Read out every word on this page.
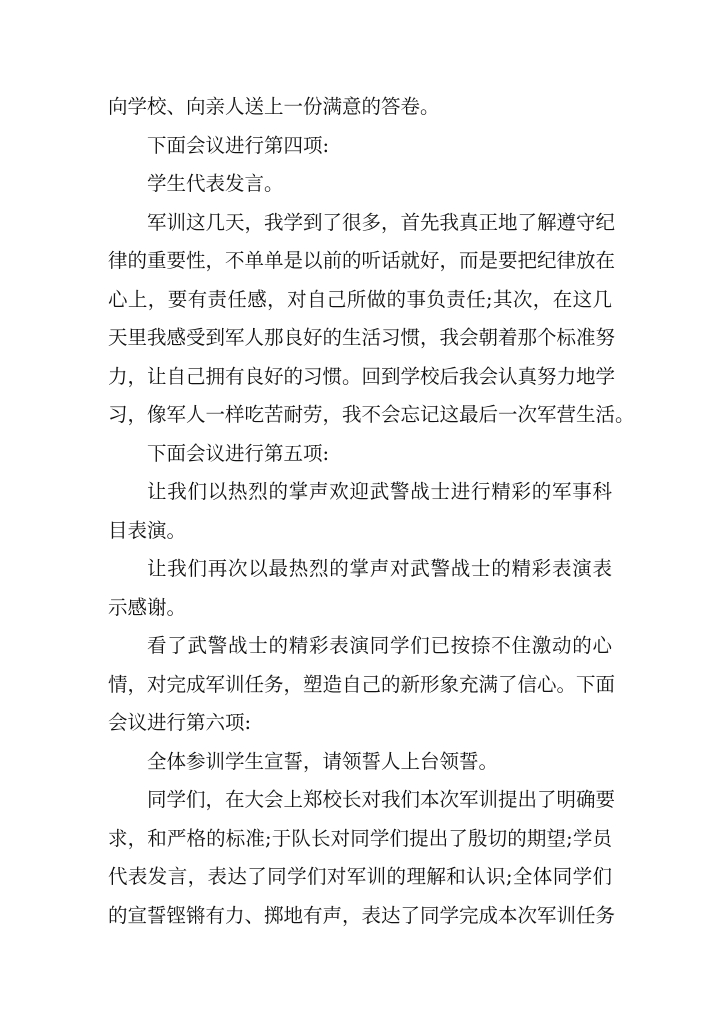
向学校、向亲人送上一份满意的答卷。
下面会议进行第四项:
学生代表发言。
军训这几天，我学到了很多，首先我真正地了解遵守纪
律的重要性，不单单是以前的听话就好，而是要把纪律放在
心上，要有责任感，对自己所做的事负责任;其次，在这几
天里我感受到军人那良好的生活习惯，我会朝着那个标准努
力，让自己拥有良好的习惯。回到学校后我会认真努力地学
习，像军人一样吃苦耐劳，我不会忘记这最后一次军营生活。
下面会议进行第五项:
让我们以热烈的掌声欢迎武警战士进行精彩的军事科
目表演。
让我们再次以最热烈的掌声对武警战士的精彩表演表
示感谢。
看了武警战士的精彩表演同学们已按捺不住激动的心
情，对完成军训任务，塑造自己的新形象充满了信心。下面
会议进行第六项:
全体参训学生宣誓，请领誓人上台领誓。
同学们，在大会上郑校长对我们本次军训提出了明确要
求，和严格的标准;于队长对同学们提出了殷切的期望;学员
代表发言，表达了同学们对军训的理解和认识;全体同学们
的宣誓铿锵有力、掷地有声，表达了同学完成本次军训任务
